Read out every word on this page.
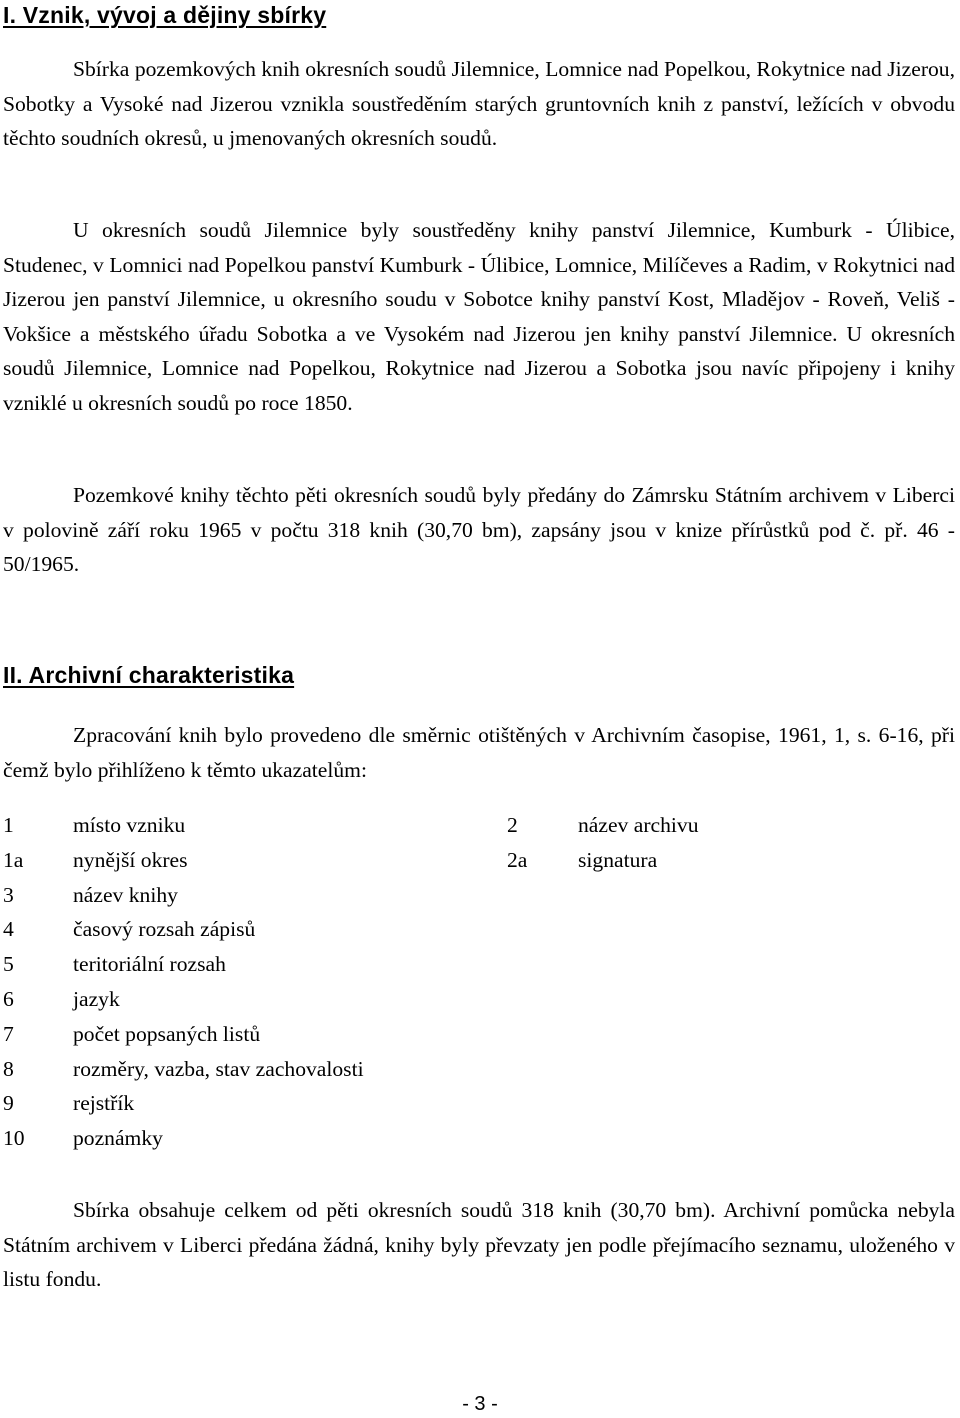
I. Vznik, vývoj a dějiny sbírky

Sbírka pozemkových knih okresních soudů Jilemnice, Lomnice nad Popelkou, Rokytnice nad Jizerou, Sobotky a Vysoké nad Jizerou vznikla soustředěním starých gruntovních knih z panství, ležících v obvodu těchto soudních okresů, u jmenovaných okresních soudů.

U okresních soudů Jilemnice byly soustředěny knihy panství Jilemnice, Kumburk - Úlibice, Studenec, v Lomnici nad Popelkou panství Kumburk - Úlibice, Lomnice, Milíčeves a Radim, v Rokytnici nad Jizerou jen panství Jilemnice, u okresního soudu v Sobotce knihy panství Kost, Mladějov - Roveň, Veliš - Vokšice a městského úřadu Sobotka a ve Vysokém nad Jizerou jen knihy panství Jilemnice. U okresních soudů Jilemnice, Lomnice nad Popelkou, Rokytnice nad Jizerou a Sobotka jsou navíc připojeny i knihy vzniklé u okresních soudů po roce 1850.

Pozemkové knihy těchto pěti okresních soudů byly předány do Zámrsku Státním archivem v Liberci v polovině září roku 1965 v počtu 318 knih (30,70 bm), zapsány jsou v knize přírůstků pod č. př. 46 - 50/1965.

II. Archivní charakteristika

Zpracování knih bylo provedeno dle směrnic otištěných v Archivním časopise, 1961, 1, s. 6-16, při čemž bylo přihlíženo k těmto ukazatelům:

1	místo vzniku	2	název archivu
1a nynější okres	2a signatura
3	název knihy
4	časový rozsah zápisů
5	teritoriální rozsah
6	jazyk
7	počet popsaných listů
8	rozměry, vazba, stav zachovalosti
9	rejstřík
10 poznámky

Sbírka obsahuje celkem od pěti okresních soudů 318 knih (30,70 bm). Archivní pomůcka nebyla Státním archivem v Liberci předána žádná, knihy byly převzaty jen podle přejímacího seznamu, uloženého v listu fondu.

- 3 -
